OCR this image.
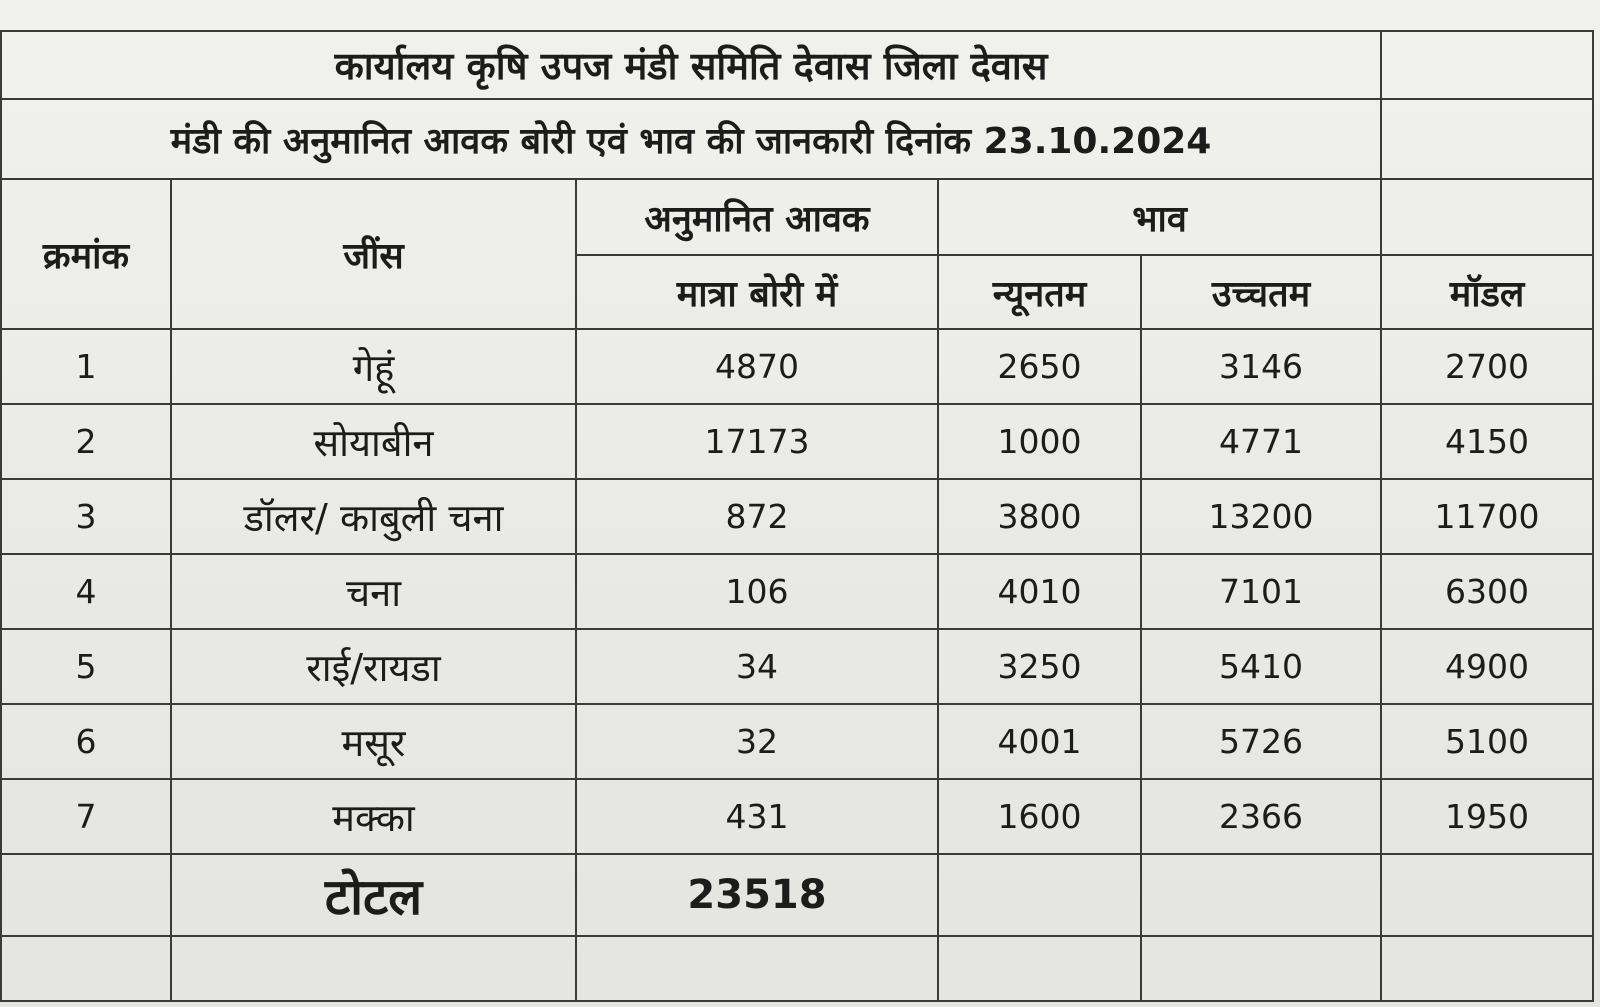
कार्यालय कृषि उपज मंडी समिति देवास जिला देवास					
मंडी की अनुमानित आवक बोरी एवं भाव की जानकारी दिनांक 23.10.2024					
क्रमांक	जींस	अनुमानित आवक	भाव		
		मात्रा बोरी में	न्यूनतम	उच्चतम	मॉडल
1	गेहूं	4870	2650	3146	2700
2	सोयाबीन	17173	1000	4771	4150
3	डॉलर/ काबुली चना	872	3800	13200	11700
4	चना	106	4010	7101	6300
5	राई/रायडा	34	3250	5410	4900
6	मसूर	32	4001	5726	5100
7	मक्का	431	1600	2366	1950
	टोटल	23518			
